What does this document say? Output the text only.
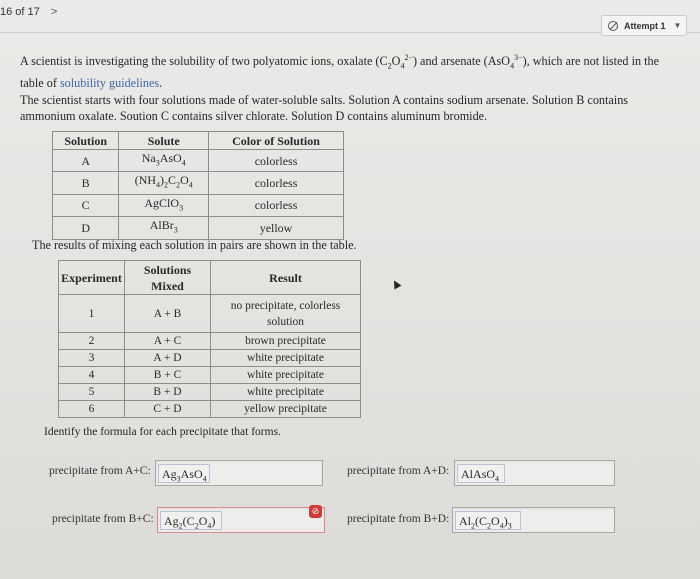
16 of 17 >
Attempt 1 ▼
A scientist is investigating the solubility of two polyatomic ions, oxalate $(C_2O_4^{2-})$ and arsenate (AsO$_4^{3-}$), which are not listed in the table of solubility guidelines.
The scientist starts with four solutions made of water-soluble salts. Solution A contains sodium arsenate. Solution B contains ammonium oxalate. Soution C contains silver chlorate. Solution D contains aluminum bromide.
Solution	Solute	Color of Solution
A	$Na_3AsO_4$	colorless
B	$(NH_4)_2C_2O_4$	colorless
C	AgClO$_3$	colorless
D	AlBr$_3$	yellow
The results of mixing each solution in pairs are shown in the table.
Experiment	Solutions Mixed	Result
1	A + B	no precipitate, colorless solution
2	A + C	brown precipitate
3	A + D	white precipitate
4	B + C	white precipitate
5	B + D	white precipitate
6	C + D	yellow precipitate
Identify the formula for each precipitate that forms.
precipitate from A+C: $Ag_3AsO_4$
precipitate from A+D: AlAsO$_4$
precipitate from B+C: $Ag_2(C_2O_4)$
⊘
precipitate from B+D: $Al_2(C_2O_4)_3$
